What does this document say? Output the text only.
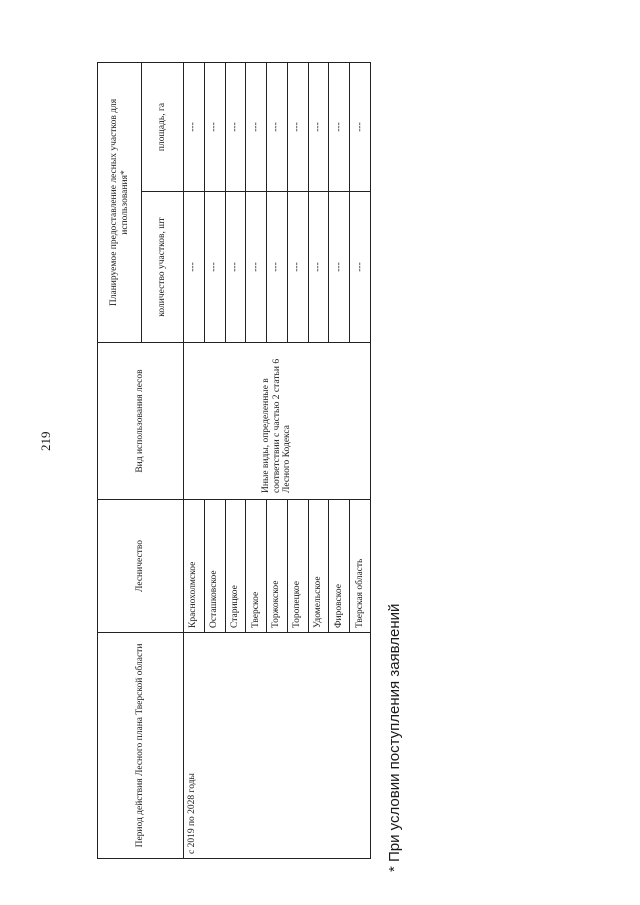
219
Период действия Лесного плана Тверской области	Лесничество	Вид использования лесов	Планируемое предоставление лесных участков для использования*	
			количество участков, шт	площадь, га
с 2019 по 2028 годы	Краснохолмское	Иные виды, определенные в соответствии с частью 2 статьи 6 Лесного Кодекса	---	---
	Осташковское		---	---
	Старицкое		---	---
	Тверское		---	---
	Торжокское		---	---
	Торопецкое		---	---
	Удомельское		---	---
	Фировское		---	---
	Тверская область		---	---
* При условии поступления заявлений
